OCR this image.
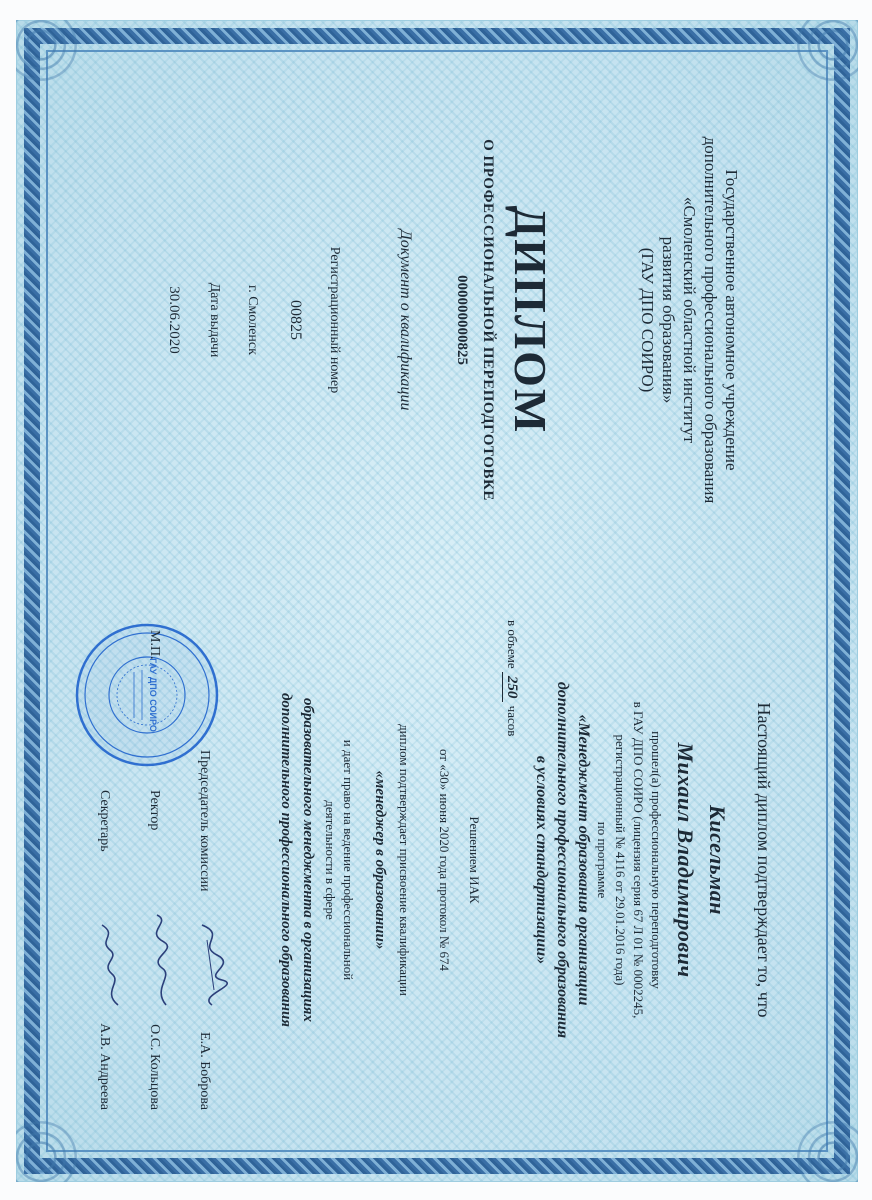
Государственное автономное учреждение
дополнительного профессионального образования
«Смоленский областной институт
развития образования»
(ГАУ ДПО СОИРО)
ДИПЛОМ
О ПРОФЕССИОНАЛЬНОЙ ПЕРЕПОДГОТОВКЕ
000000000825
Документ о квалификации
Регистрационный номер
00825
г. Смоленск
Дата выдачи
30.06.2020
Настоящий диплом подтверждает то, что
Кисельман
Михаил Владимирович
прошел(а) профессиональную переподготовку
в ГАУ ДПО СОИРО (лицензия серия 67 Л 01 № 0002245,
регистрационный № 4116 от 29.01.2016 года)
по программе
«Менеджмент образования организации
дополнительного профессионального образования
в условиях стандартизации»
в объеме 250 часов
Решением ИАК
от «30» июня 2020 года протокол № 674
диплом подтверждает присвоение квалификации
«менеджер в образовании»
и дает право на ведение профессиональной
деятельности в сфере
образовательного менеджмента в организациях
дополнительного профессионального образования
ГАУ ДПО СОИРО
Председатель комиссии
Е.А. Боброва
М.П.
Ректор
О.С. Кольцова
Секретарь
А.В. Андреева
